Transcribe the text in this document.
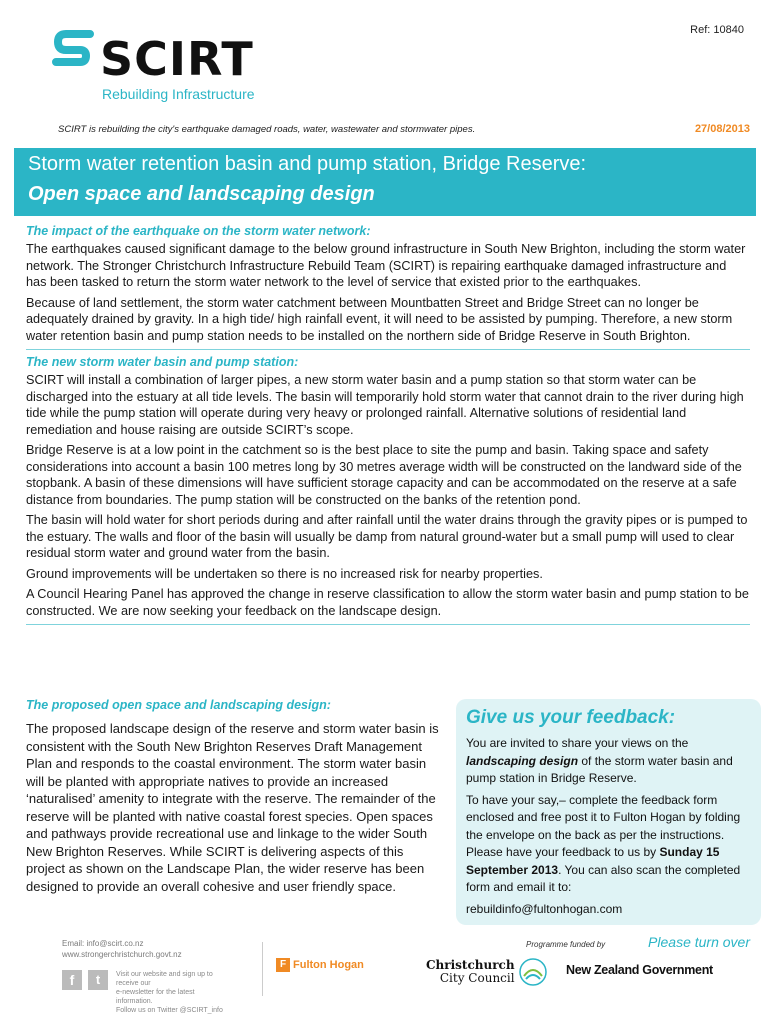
Ref: 10840
SCIRT
Rebuilding Infrastructure
SCIRT is rebuilding the city's earthquake damaged roads, water, wastewater and stormwater pipes.	27/08/2013
Storm water retention basin and pump station, Bridge Reserve:
Open space and landscaping design
The impact of the earthquake on the storm water network:

The earthquakes caused significant damage to the below ground infrastructure in South New Brighton, including the storm water network. The Stronger Christchurch Infrastructure Rebuild Team (SCIRT) is repairing earthquake damaged infrastructure and has been tasked to return the storm water network to the level of service that existed prior to the earthquakes.

Because of land settlement, the storm water catchment between Mountbatten Street and Bridge Street can no longer be adequately drained by gravity. In a high tide/ high rainfall event, it will need to be assisted by pumping. Therefore, a new storm water retention basin and pump station needs to be installed on the northern side of Bridge Reserve in South Brighton.

The new storm water basin and pump station:

SCIRT will install a combination of larger pipes, a new storm water basin and a pump station so that storm water can be discharged into the estuary at all tide levels. The basin will temporarily hold storm water that cannot drain to the river during high tide while the pump station will operate during very heavy or prolonged rainfall. Alternative solutions of residential land remediation and house raising are outside SCIRT’s scope.

Bridge Reserve is at a low point in the catchment so is the best place to site the pump and basin. Taking space and safety considerations into account a basin 100 metres long by 30 metres average width will be constructed on the landward side of the stopbank. A basin of these dimensions will have sufficient storage capacity and can be accommodated on the reserve at a safe distance from boundaries. The pump station will be constructed on the banks of the retention pond.

The basin will hold water for short periods during and after rainfall until the water drains through the gravity pipes or is pumped to the estuary. The walls and floor of the basin will usually be damp from natural ground-water but a small pump will used to clear residual storm water and ground water from the basin.

Ground improvements will be undertaken so there is no increased risk for nearby properties.

A Council Hearing Panel has approved the change in reserve classification to allow the storm water basin and pump station to be constructed. We are now seeking your feedback on the landscape design.

The proposed open space and landscaping design:

The proposed landscape design of the reserve and storm water basin is consistent with the South New Brighton Reserves Draft Management Plan and responds to the coastal environment. The storm water basin will be planted with appropriate natives to provide an increased ‘naturalised’ amenity to integrate with the reserve. The remainder of the reserve will be planted with native coastal forest species. Open spaces and pathways provide recreational use and linkage to the wider South New Brighton Reserves. While SCIRT is delivering aspects of this project as shown on the Landscape Plan, the wider reserve has been designed to provide an overall cohesive and user friendly space.

Give us your feedback:

You are invited to share your views on the landscaping design of the storm water basin and pump station in Bridge Reserve.

To have your say,– complete the feedback form enclosed and free post it to Fulton Hogan by folding the envelope on the back as per the instructions. Please have your feedback to us by Sunday 15 September 2013. You can also scan the completed form and email it to:

rebuildinfo@fultonhogan.com

Email: info@scirt.co.nz
www.strongerchristchurch.govt.nz
f	t	Visit our website and sign up to receive our
e-newsletter for the latest information.
Follow us on Twitter @SCIRT_info
F Fulton Hogan
Programme funded by	Please turn over
Christchurch
City Council
New Zealand Government
